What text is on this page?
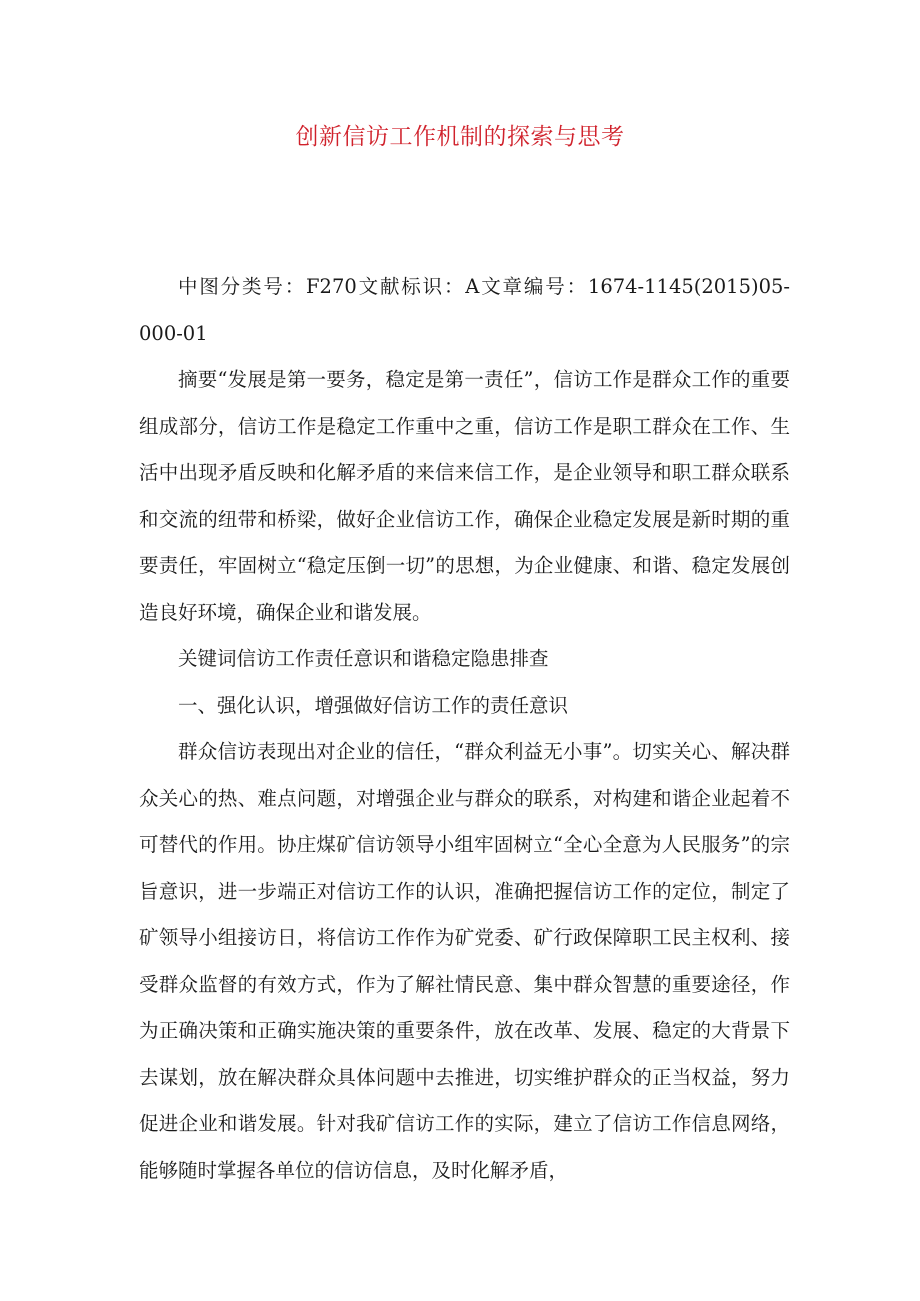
创新信访工作机制的探索与思考

中图分类号：F270文献标识：A文章编号：1674-1145(2015)05-000-01

摘要“发展是第一要务，稳定是第一责任”，信访工作是群众工作的重要组成部分，信访工作是稳定工作重中之重，信访工作是职工群众在工作、生活中出现矛盾反映和化解矛盾的来信来信工作，是企业领导和职工群众联系和交流的纽带和桥梁，做好企业信访工作，确保企业稳定发展是新时期的重要责任，牢固树立“稳定压倒一切”的思想，为企业健康、和谐、稳定发展创造良好环境，确保企业和谐发展。

关键词信访工作责任意识和谐稳定隐患排查

一、强化认识，增强做好信访工作的责任意识

群众信访表现出对企业的信任，“群众利益无小事”。切实关心、解决群众关心的热、难点问题，对增强企业与群众的联系，对构建和谐企业起着不可替代的作用。协庄煤矿信访领导小组牢固树立“全心全意为人民服务”的宗旨意识，进一步端正对信访工作的认识，准确把握信访工作的定位，制定了矿领导小组接访日，将信访工作作为矿党委、矿行政保障职工民主权利、接受群众监督的有效方式，作为了解社情民意、集中群众智慧的重要途径，作为正确决策和正确实施决策的重要条件，放在改革、发展、稳定的大背景下去谋划，放在解决群众具体问题中去推进，切实维护群众的正当权益，努力促进企业和谐发展。针对我矿信访工作的实际，建立了信访工作信息网络，能够随时掌握各单位的信访信息，及时化解矛盾，
